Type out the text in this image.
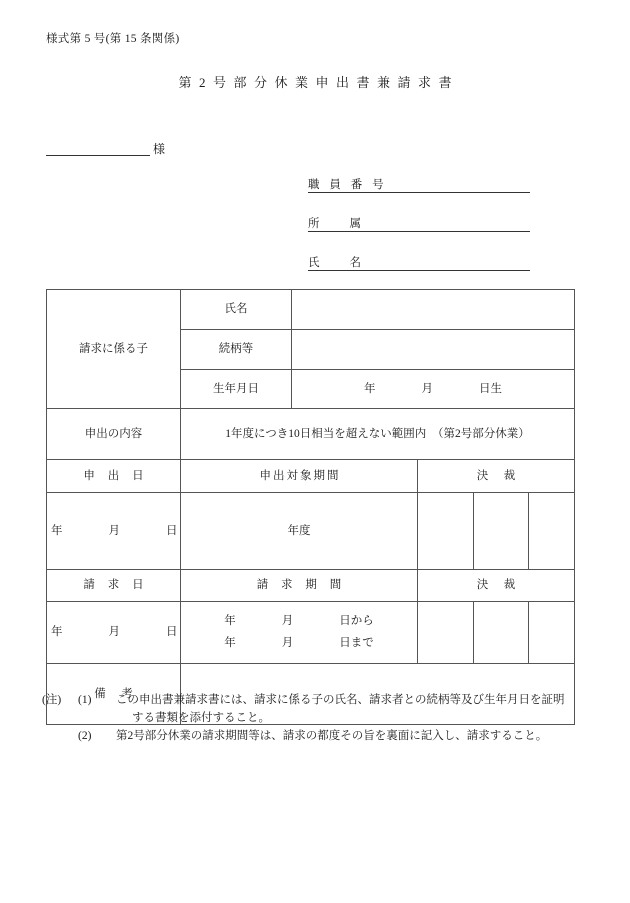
様式第 5 号(第 15 条関係)
第2号部分休業申出書兼請求書
様
職 員 番 号
所	属
氏	名
請求に係る子	氏名				
	続柄等				
	生年月日	年　　　　月　　　　日生			
申出の内容	1年度につき10日相当を超えない範囲内　（第2号部分休業）				
申 出 日	申出対象期間		決　裁		
年　　　　月　　　　日	年度				
請 求 日	請 求 期 間		決　裁		
年　　　　月　　　　日	年　　　　月　　　　日から
年　　　　月　　　　日まで				

備　考					
(注)	(1)	この申出書兼請求書には、請求に係る子の氏名、請求者との続柄等及び生年月日を証明
する書類を添付すること。
(2)	第2号部分休業の請求期間等は、請求の都度その旨を裏面に記入し、請求すること。
